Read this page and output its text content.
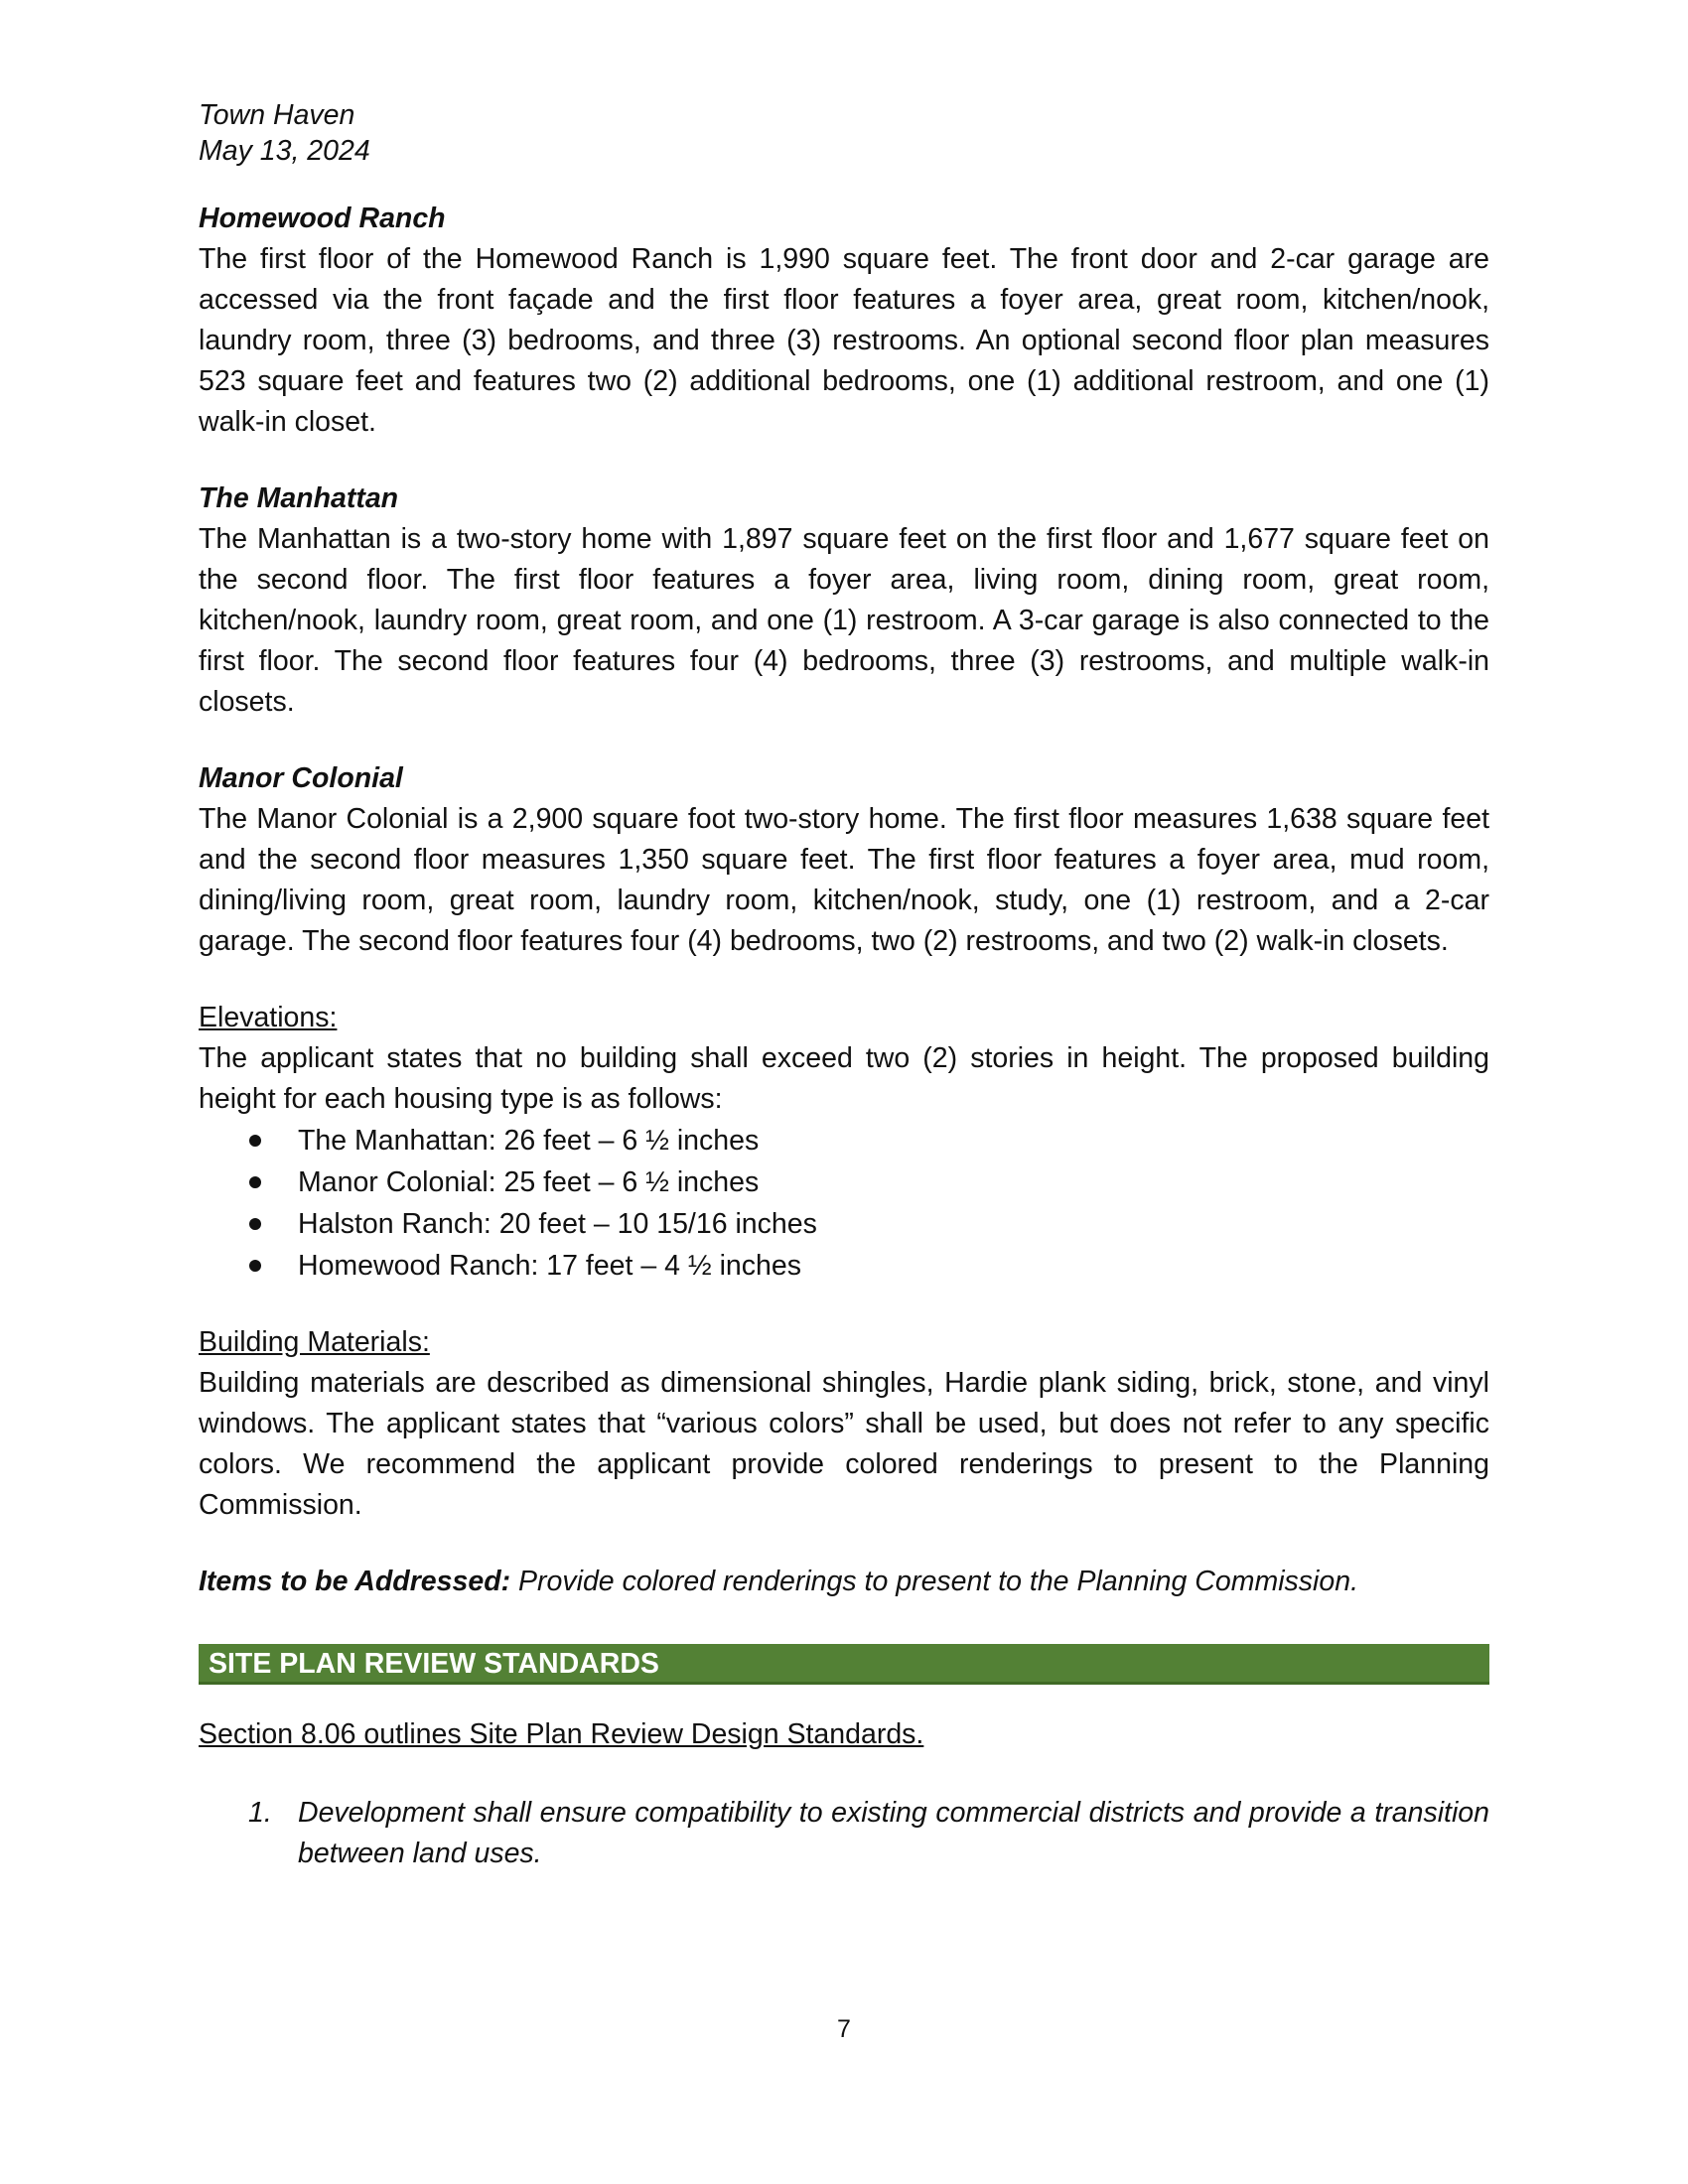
Town Haven
May 13, 2024
Homewood Ranch

The first floor of the Homewood Ranch is 1,990 square feet. The front door and 2-car garage are accessed via the front façade and the first floor features a foyer area, great room, kitchen/nook, laundry room, three (3) bedrooms, and three (3) restrooms. An optional second floor plan measures 523 square feet and features two (2) additional bedrooms, one (1) additional restroom, and one (1) walk-in closet.

The Manhattan

The Manhattan is a two-story home with 1,897 square feet on the first floor and 1,677 square feet on the second floor. The first floor features a foyer area, living room, dining room, great room, kitchen/nook, laundry room, great room, and one (1) restroom. A 3-car garage is also connected to the first floor. The second floor features four (4) bedrooms, three (3) restrooms, and multiple walk-in closets.

Manor Colonial

The Manor Colonial is a 2,900 square foot two-story home. The first floor measures 1,638 square feet and the second floor measures 1,350 square feet. The first floor features a foyer area, mud room, dining/living room, great room, laundry room, kitchen/nook, study, one (1) restroom, and a 2-car garage. The second floor features four (4) bedrooms, two (2) restrooms, and two (2) walk-in closets.

Elevations:

The applicant states that no building shall exceed two (2) stories in height. The proposed building height for each housing type is as follows:

The Manhattan: 26 feet – 6 ½ inches
Manor Colonial: 25 feet – 6 ½ inches
Halston Ranch: 20 feet – 10 15/16 inches
Homewood Ranch: 17 feet – 4 ½ inches
Building Materials:

Building materials are described as dimensional shingles, Hardie plank siding, brick, stone, and vinyl windows. The applicant states that “various colors” shall be used, but does not refer to any specific colors. We recommend the applicant provide colored renderings to present to the Planning Commission.

Items to be Addressed: Provide colored renderings to present to the Planning Commission.

SITE PLAN REVIEW STANDARDS
Section 8.06 outlines Site Plan Review Design Standards.
1. Development shall ensure compatibility to existing commercial districts and provide a transition between land uses.
7
